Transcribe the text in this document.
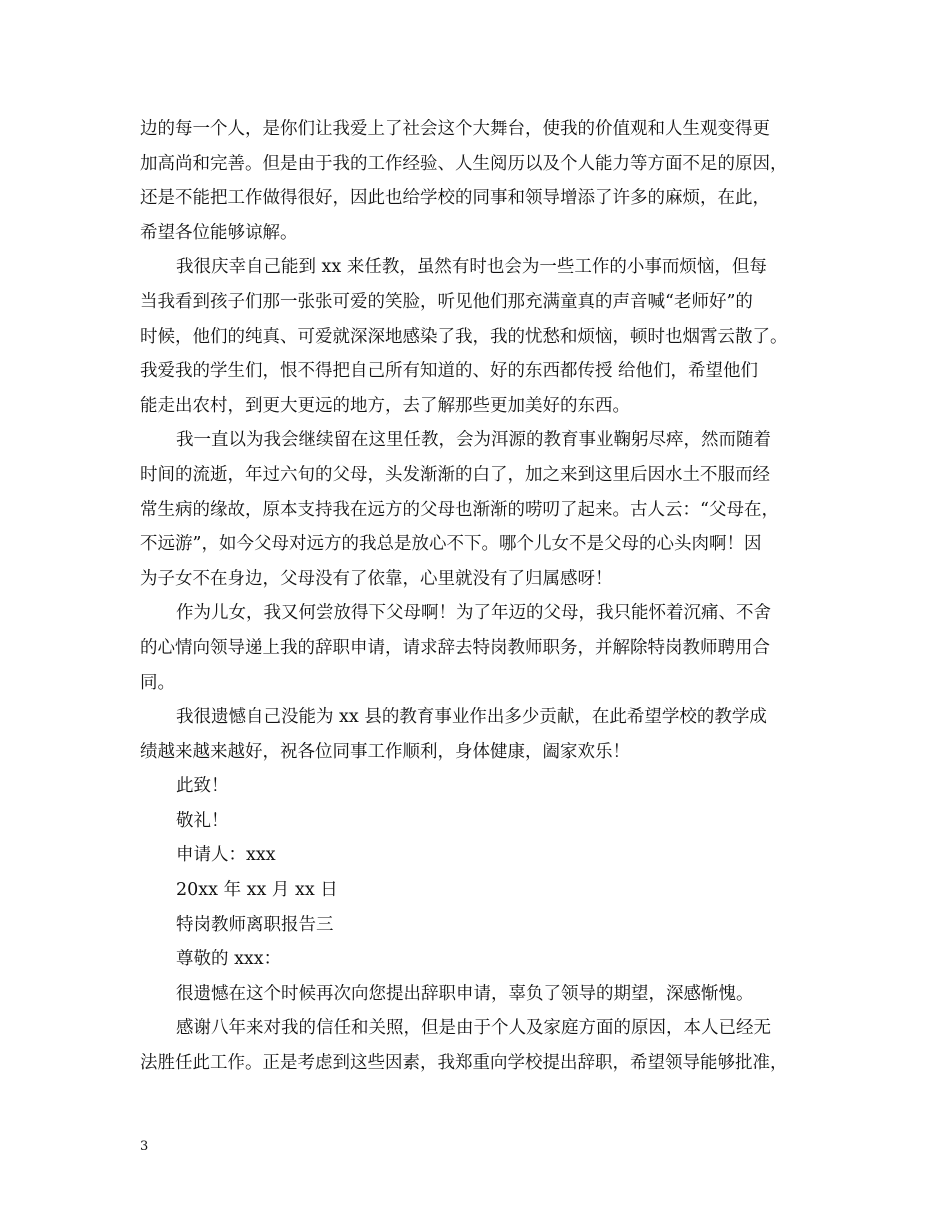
边的每一个人，是你们让我爱上了社会这个大舞台，使我的价值观和人生观变得更
加高尚和完善。但是由于我的工作经验、人生阅历以及个人能力等方面不足的原因，
还是不能把工作做得很好，因此也给学校的同事和领导增添了许多的麻烦，在此，
希望各位能够谅解。
我很庆幸自己能到 xx 来任教，虽然有时也会为一些工作的小事而烦恼，但每
当我看到孩子们那一张张可爱的笑脸，听见他们那充满童真的声音喊“老师好”的
时候，他们的纯真、可爱就深深地感染了我，我的忧愁和烦恼，顿时也烟霄云散了。
我爱我的学生们，恨不得把自己所有知道的、好的东西都传授 给他们，希望他们
能走出农村，到更大更远的地方，去了解那些更加美好的东西。
我一直以为我会继续留在这里任教，会为洱源的教育事业鞠躬尽瘁，然而随着
时间的流逝，年过六旬的父母，头发渐渐的白了，加之来到这里后因水土不服而经
常生病的缘故，原本支持我在远方的父母也渐渐的唠叨了起来。古人云：“父母在，
不远游”，如今父母对远方的我总是放心不下。哪个儿女不是父母的心头肉啊！因
为子女不在身边，父母没有了依靠，心里就没有了归属感呀！
作为儿女，我又何尝放得下父母啊！为了年迈的父母，我只能怀着沉痛、不舍
的心情向领导递上我的辞职申请，请求辞去特岗教师职务，并解除特岗教师聘用合
同。
我很遗憾自己没能为 xx 县的教育事业作出多少贡献，在此希望学校的教学成
绩越来越来越好，祝各位同事工作顺利，身体健康，阖家欢乐！
此致！
敬礼！
申请人：xxx
20xx 年 xx 月 xx 日
特岗教师离职报告三
尊敬的 xxx：
很遗憾在这个时候再次向您提出辞职申请，辜负了领导的期望，深感惭愧。
感谢八年来对我的信任和关照，但是由于个人及家庭方面的原因，本人已经无
法胜任此工作。正是考虑到这些因素，我郑重向学校提出辞职，希望领导能够批准，
3
